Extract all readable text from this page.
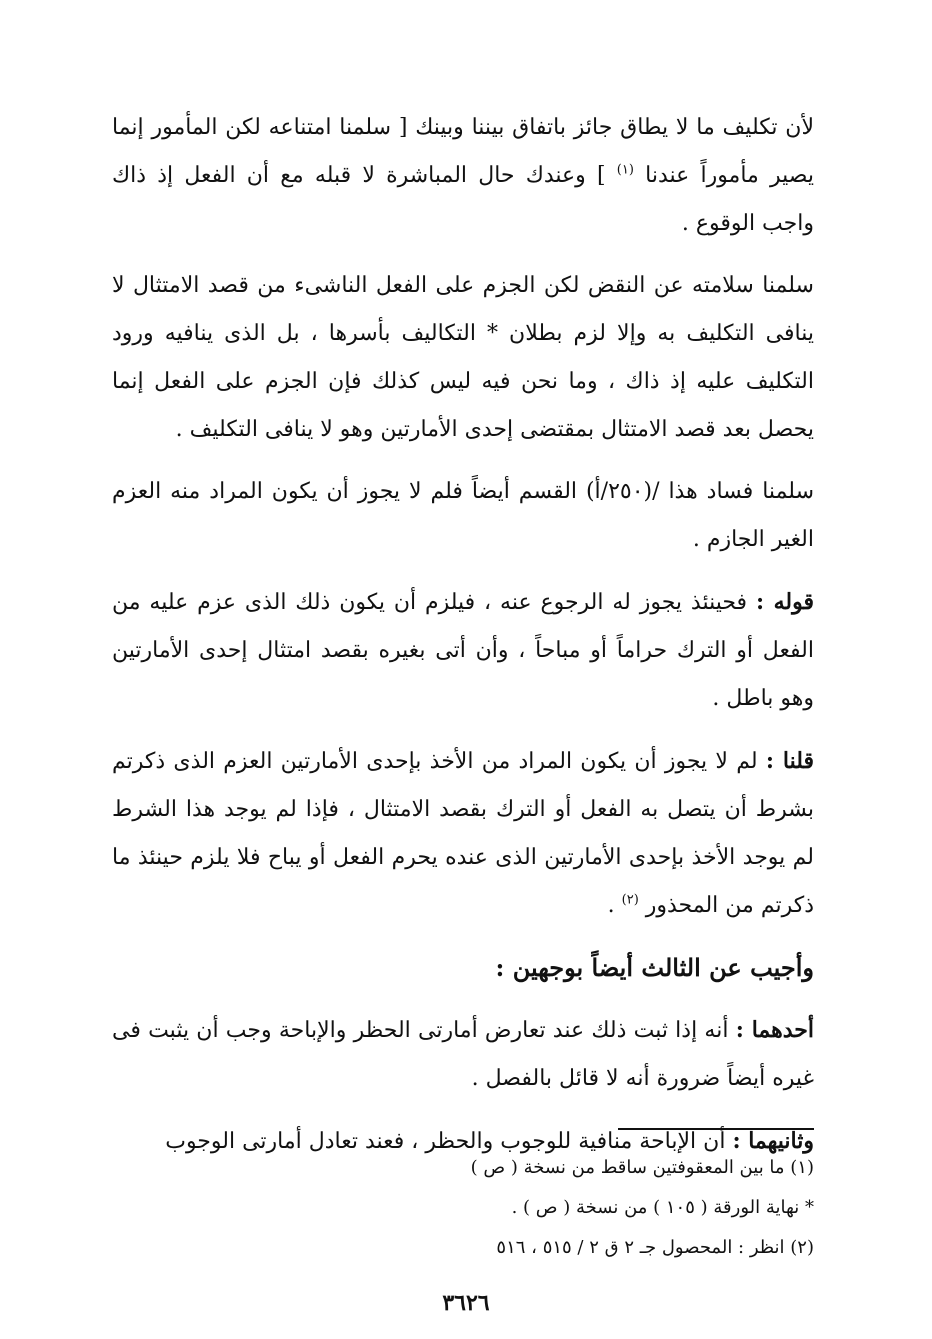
لأن تكليف ما لا يطاق جائز باتفاق بيننا وبينك [ سلمنا امتناعه لكن المأمور إنما يصير مأموراً عندنا $^{(١)}$ ] وعندك حال المباشرة لا قبله مع أن الفعل إذ ذاك واجب الوقوع .

سلمنا سلامته عن النقض لكن الجزم على الفعل الناشىء من قصد الامتثال لا ينافى التكليف به وإلا لزم بطلان * التكاليف بأسرها ، بل الذى ينافيه ورود التكليف عليه إذ ذاك ، وما نحن فيه ليس كذلك فإن الجزم على الفعل إنما يحصل بعد قصد الامتثال بمقتضى إحدى الأمارتين وهو لا ينافى التكليف .

سلمنا فساد هذا /(٢٥٠/أ) القسم أيضاً فلم لا يجوز أن يكون المراد منه العزم الغير الجازم .

قوله : فحينئذ يجوز له الرجوع عنه ، فيلزم أن يكون ذلك الذى عزم عليه من الفعل أو الترك حراماً أو مباحاً ، وأن أتى بغيره بقصد امتثال إحدى الأمارتين وهو باطل .

قلنا : لم لا يجوز أن يكون المراد من الأخذ بإحدى الأمارتين العزم الذى ذكرتم بشرط أن يتصل به الفعل أو الترك بقصد الامتثال ، فإذا لم يوجد هذا الشرط لم يوجد الأخذ بإحدى الأمارتين الذى عنده يحرم الفعل أو يباح فلا يلزم حينئذ ما ذكرتم من المحذور $^{(٢)}$ .

وأجيب عن الثالث أيضاً بوجهين :

أحدهما : أنه إذا ثبت ذلك عند تعارض أمارتى الحظر والإباحة وجب أن يثبت فى غيره أيضاً ضرورة أنه لا قائل بالفصل .

وثانيهما : أن الإباحة منافية للوجوب والحظر ، فعند تعادل أمارتى الوجوب

(١) ما بين المعقوفتين ساقط من نسخة ( ص )

* نهاية الورقة ( ١٠٥ ) من نسخة ( ص ) .

(٢) انظر : المحصول جـ ٢ ق ٢ / ٥١٥ ، ٥١٦

٣٦٢٦
